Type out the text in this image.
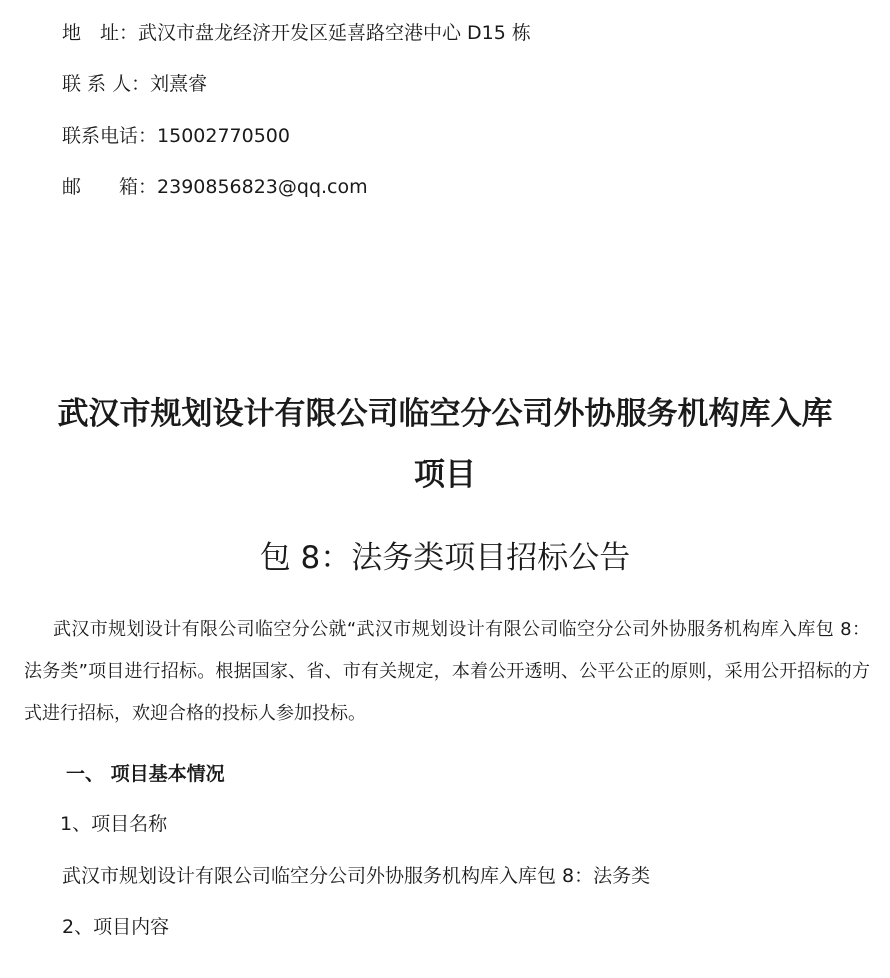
地　址：武汉市盘龙经济开发区延喜路空港中心 D15 栋
联 系 人：刘熹睿
联系电话：15002770500
邮　　箱：2390856823@qq.com
武汉市规划设计有限公司临空分公司外协服务机构库入库
项目
包 8：法务类项目招标公告

武汉市规划设计有限公司临空分公就“武汉市规划设计有限公司临空分公司外协服务机构库入库包 8：法务类”项目进行招标。根据国家、省、市有关规定，本着公开透明、公平公正的原则，采用公开招标的方式进行招标，欢迎合格的投标人参加投标。

一、 项目基本情况
1、项目名称
武汉市规划设计有限公司临空分公司外协服务机构库入库包 8：法务类
2、项目内容
